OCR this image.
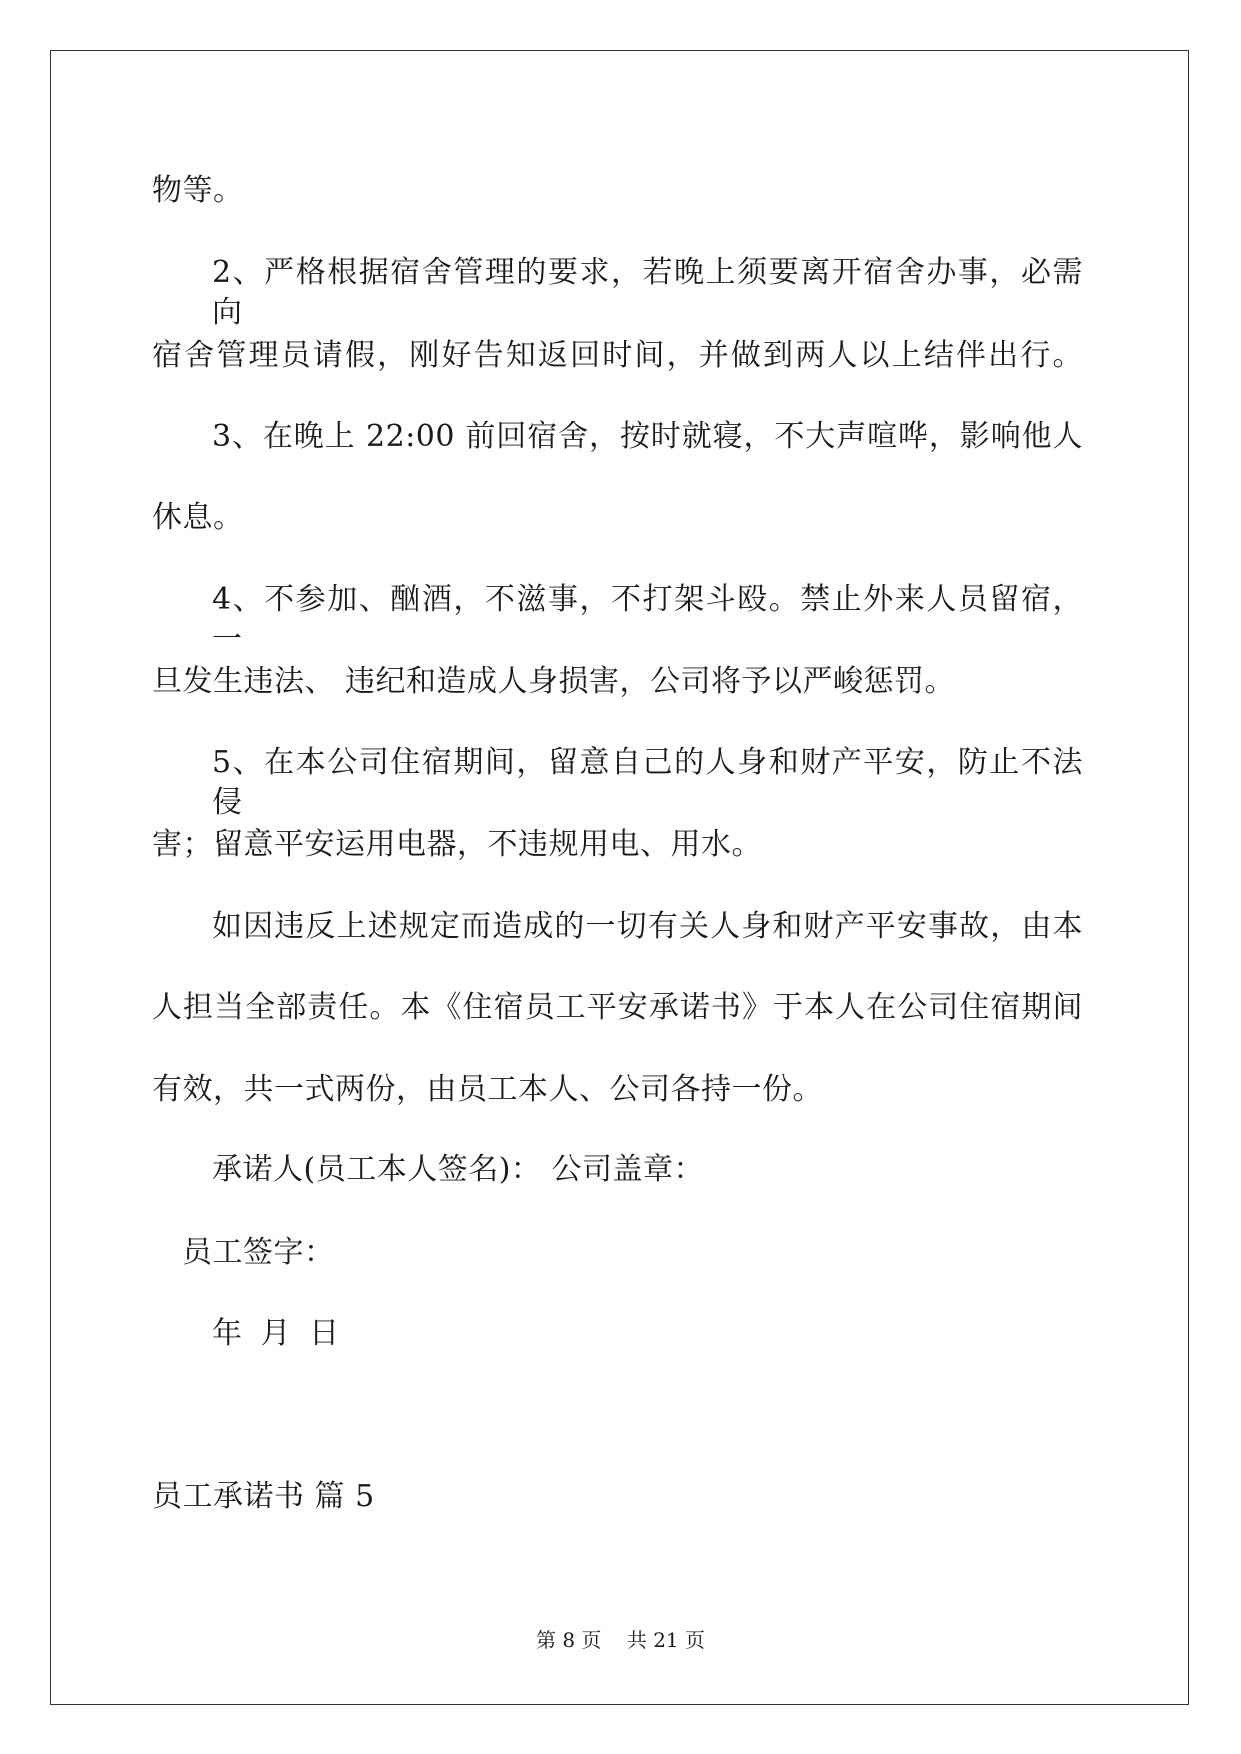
物等。
2、严格根据宿舍管理的要求，若晚上须要离开宿舍办事，必需向
宿舍管理员请假，刚好告知返回时间，并做到两人以上结伴出行。
3、在晚上 22:00 前回宿舍，按时就寝，不大声喧哗，影响他人
休息。
4、不参加、酗酒，不滋事，不打架斗殴。禁止外来人员留宿，一
旦发生违法、 违纪和造成人身损害，公司将予以严峻惩罚。
5、在本公司住宿期间，留意自己的人身和财产平安，防止不法侵
害；留意平安运用电器，不违规用电、用水。
如因违反上述规定而造成的一切有关人身和财产平安事故，由本
人担当全部责任。本《住宿员工平安承诺书》于本人在公司住宿期间
有效，共一式两份，由员工本人、公司各持一份。
承诺人(员工本人签名)： 公司盖章：
员工签字：
年 月 日
员工承诺书 篇 5
第 8 页    共 21 页
